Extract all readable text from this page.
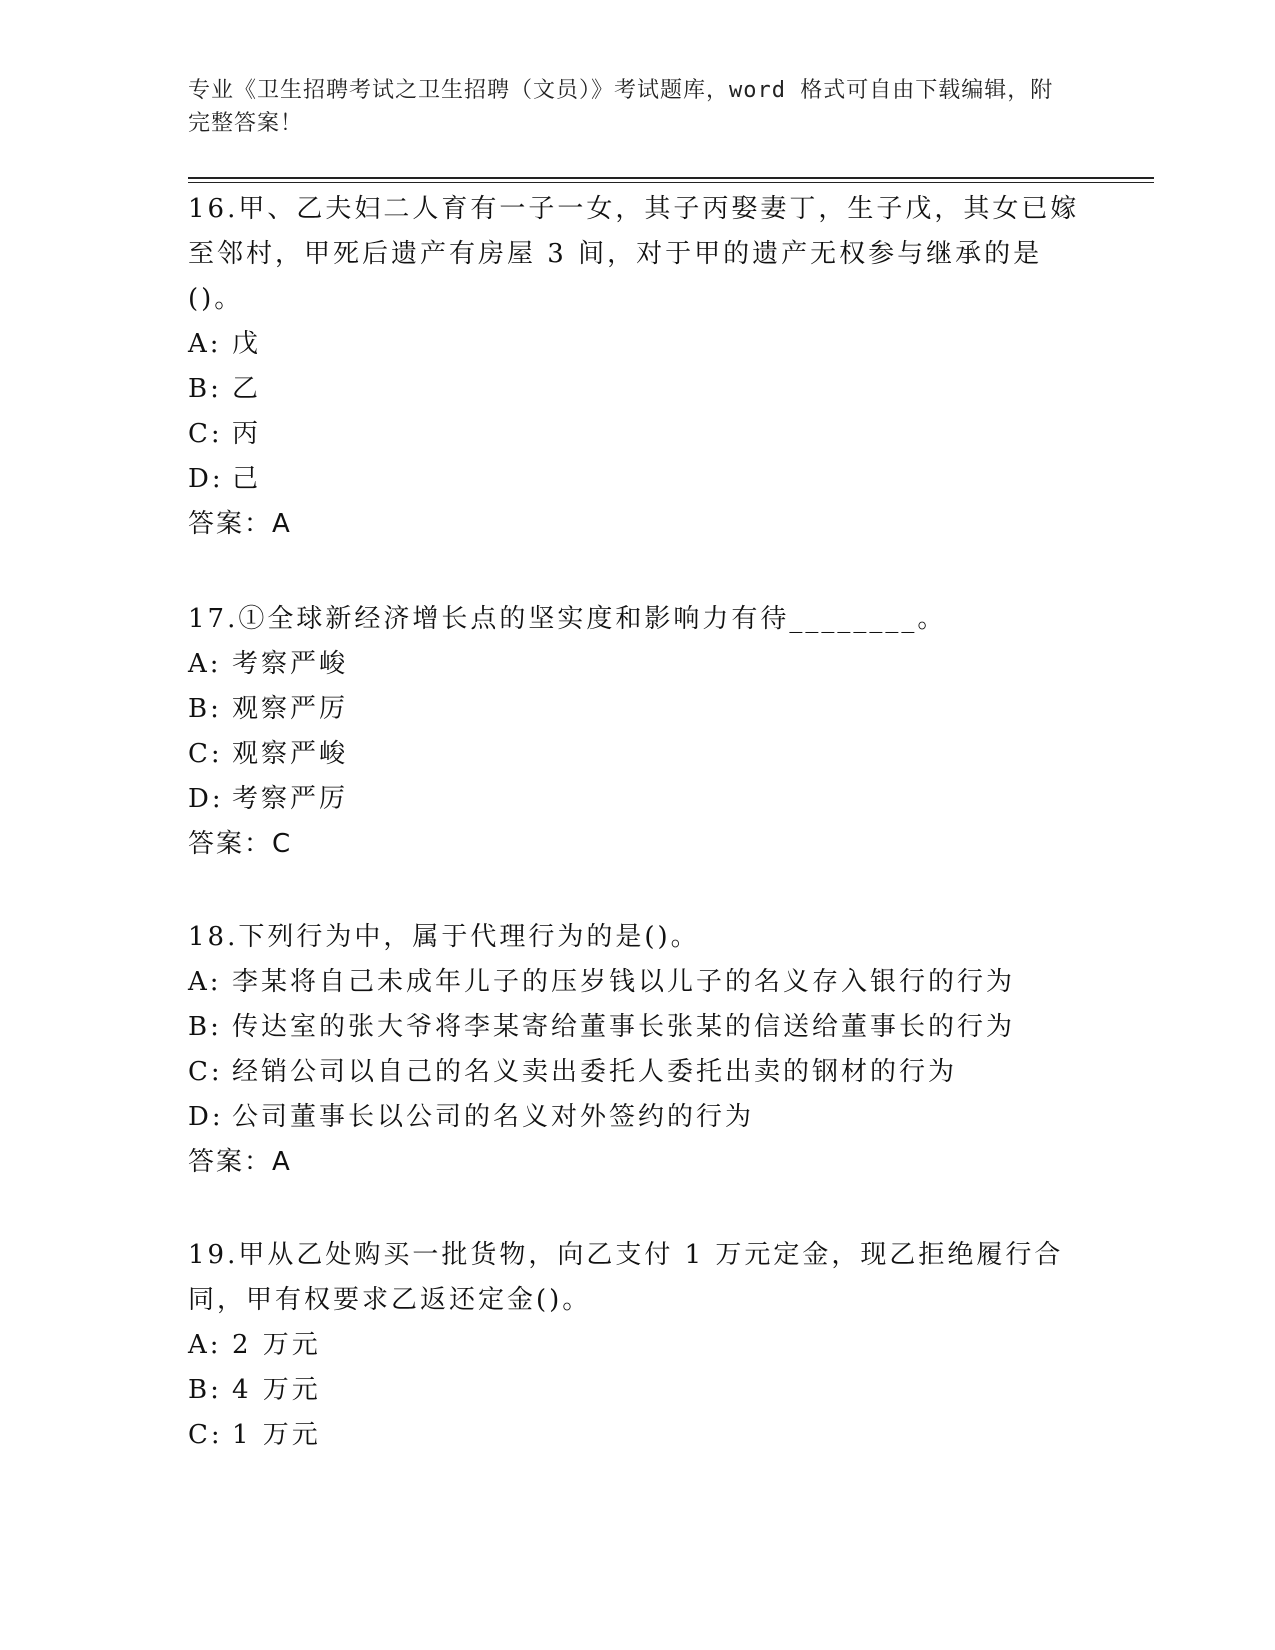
专业《卫生招聘考试之卫生招聘（文员）》考试题库，word 格式可自由下载编辑，附完整答案！

16.甲、乙夫妇二人育有一子一女，其子丙娶妻丁，生子戊，其女已嫁至邻村，甲死后遗产有房屋 3 间，对于甲的遗产无权参与继承的是()。

A: 戊
B: 乙
C: 丙
D: 己

答案：A

17.①全球新经济增长点的坚实度和影响力有待________。

A: 考察严峻
B: 观察严厉
C: 观察严峻
D: 考察严厉

答案：C

18.下列行为中，属于代理行为的是()。

A: 李某将自己未成年儿子的压岁钱以儿子的名义存入银行的行为
B: 传达室的张大爷将李某寄给董事长张某的信送给董事长的行为
C: 经销公司以自己的名义卖出委托人委托出卖的钢材的行为
D: 公司董事长以公司的名义对外签约的行为

答案：A

19.甲从乙处购买一批货物，向乙支付 1 万元定金，现乙拒绝履行合同，甲有权要求乙返还定金()。

A: 2 万元
B: 4 万元
C: 1 万元
